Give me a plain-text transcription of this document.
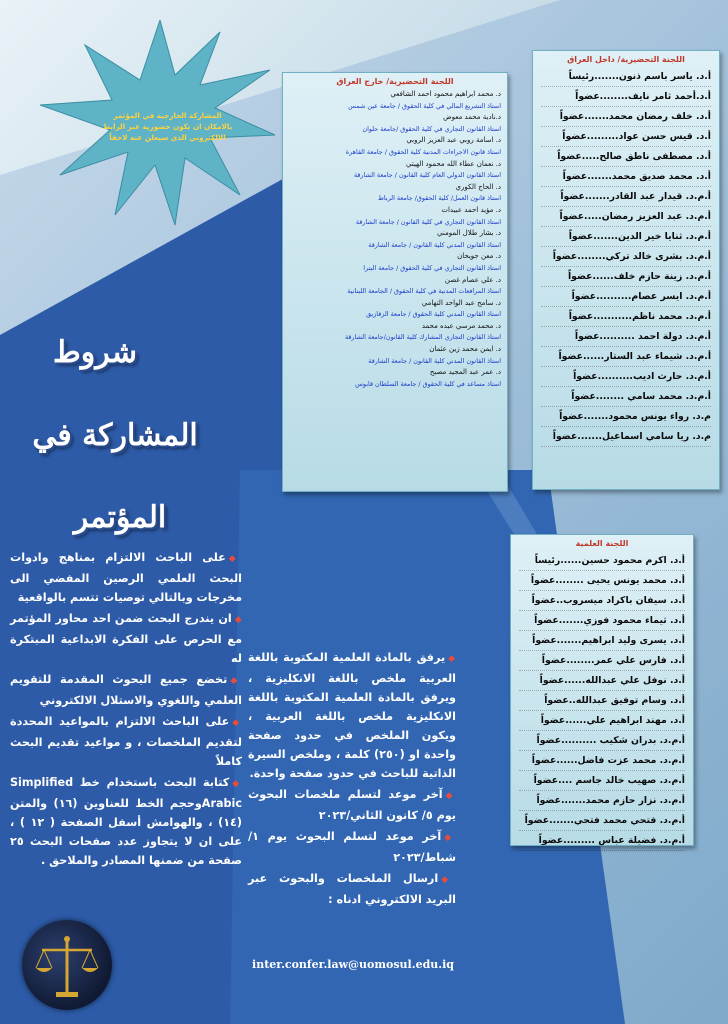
المشاركة الخارجية في المؤتمر بالامكان ان تكون حضورية عبر الرابط الالكتروني الذي سيعلن عنه لاحقاً
اللجنة التحضيرية/ داخل العراق
أ.د. ياسر باسم ذنون.......رئيساً
أ.د.أحمد ثامر نايف........عضواً
أ.د. خلف رمضان محمد.......عضواً
أ.د. قيس حسن عواد.........عضواً
أ.د. مصطفى ناطق صالح.....عضواً
أ.د. محمد صديق محمد.......عضواً
أ.م.د. قيدار عبد القادر.......عضواً
أ.م.د. عبد العزيز رمضان.....عضواً
أ.م.د. ثنايا خير الدين.......عضواً
أ.م.د. بشرى خالد تركي........عضواً
أ.م.د. زينة حازم خلف......عضواً
أ.م.د. ايسر عصام..........عضواً
أ.م.د. محمد ناظم...........عضواً
أ.م.د. دولة احمد ..........عضواً
أ.م.د. شيماء عبد الستار......عضواً
أ.م.د. حارث اديب..........عضواً
أ.م.د. محمد سامي ........عضواً
م.د. رواء يونس محمود.......عضواً
م.د. ريا سامي اسماعيل.......عضواً
اللجنة التحضيرية/ خارج العراق
د. محمد ابراهيم محمود احمد الشافعي
استاذ التشريع المالي في كلية الحقوق / جامعة عين شمس
د.نادية محمد معوض
استاذ القانون التجاري في كلية الحقوق /جامعة حلوان
د. اسامة روبي عبد العزيز الروبي
استاذ قانون الاجراءات المدنية كلية الحقوق / جامعة القاهرة
د. نعمان عطاء الله محمود الهيتي
استاذ القانون الدولي العام كلية القانون / جامعة الشارقة
د. الحاج الكوري
استاذ قانون العمل/ كلية الحقوق/ جامعة الرباط
د. مؤيد احمد عبيدات
استاذ القانون التجاري في كلية القانون / جامعة الشارقة
د. بشار طلال المومني
استاذ القانون المدني كلية القانون / جامعة الشارقة
د. معن جويحان
استاذ القانون التجاري في كلية الحقوق / جامعة البترا
د. علي عصام غصن
استاذ المرافعات المدنية في كلية الحقوق / الجامعة اللبنانية
د. سامح عبد الواحد التهامي
استاذ القانون المدني كلية الحقوق / جامعة الزقازيق
د. محمد مرسي عبده محمد
استاذ القانون التجاري المشارك كلية القانون/جامعة الشارقة
د. ايمن محمد زين عثمان
استاذ القانون المدني كلية القانون / جامعة الشارقة
د. عمر عبد المجيد مصبح
استاذ مساعد في كلية الحقوق / جامعة السلطان قابوس
اللجنة العلمية
أ.د. اكرم محمود حسين......رئيساً
أ.د. محمد يونس يحيى ........عضواً
أ.د. سيفان باكراد ميسروب..عضواً
أ.د. ثيماء محمود فوزي.......عضواً
أ.د. يسرى وليد ابراهيم.......عضواً
أ.د. فارس علي عمر........عضواً
أ.د. نوفل علي عبدالله......عضواً
أ.د. وسام توفيق عبدالله..عضواً
أ.د. مهند ابراهيم علي......عضواً
أ.م.د. بدران شكيب ..........عضواً
أ.م.د. محمد عزت فاضل......عضواً
أ.م.د. صهيب خالد جاسم ....عضواً
أ.م.د. نزار حازم محمد.......عضواً
أ.م.د. فتحي محمد فتحي.......عضواً
أ.م.د. فضيلة عباس .........عضواً
شروط
المشاركة في
المؤتمر
◆على الباحث الالتزام بمناهج وادوات البحث العلمي الرصين المفضي الى مخرجات وبالتالي توصيات تتسم بالواقعية
◆ان يندرج البحث ضمن احد محاور المؤتمر مع الحرص على الفكرة الابداعية المبتكرة له
◆تخضع جميع البحوث المقدمة للتقويم العلمي واللغوي والاستلال الالكتروني
◆على الباحث الالتزام بالمواعيد المحددة لتقديم الملخصات ، و مواعيد تقديم البحث كاملاً
◆كتابة البحث باستخدام خط Simplified Arabicوحجم الخط للعناوين (١٦) والمتن (١٤) ، والهوامش أسفل الصفحة ( ١٢ ) ، على ان لا يتجاوز عدد صفحات البحث ٢٥ صفحة من ضمنها المصادر والملاحق .
◆يرفق بالمادة العلمية المكتوبة باللغة العربية ملخص باللغة الانكليزية ، ويرفق بالمادة العلمية المكتوبة باللغة الانكليزية ملخص باللغة العربية ، ويكون الملخص في حدود صفحة واحدة او (٢٥٠) كلمة ، وملخص السيرة الذاتية للباحث في حدود صفحة واحدة.
◆آخر موعد لتسلم ملخصات البحوث يوم ٥/ كانون الثاني/٢٠٢٣
◆آخر موعد لتسلم البحوث يوم ١/شباط/٢٠٢٣
◆ارسال الملخصات والبحوث عبر البريد الالكتروني ادناه :
inter.confer.law@uomosul.edu.iq
